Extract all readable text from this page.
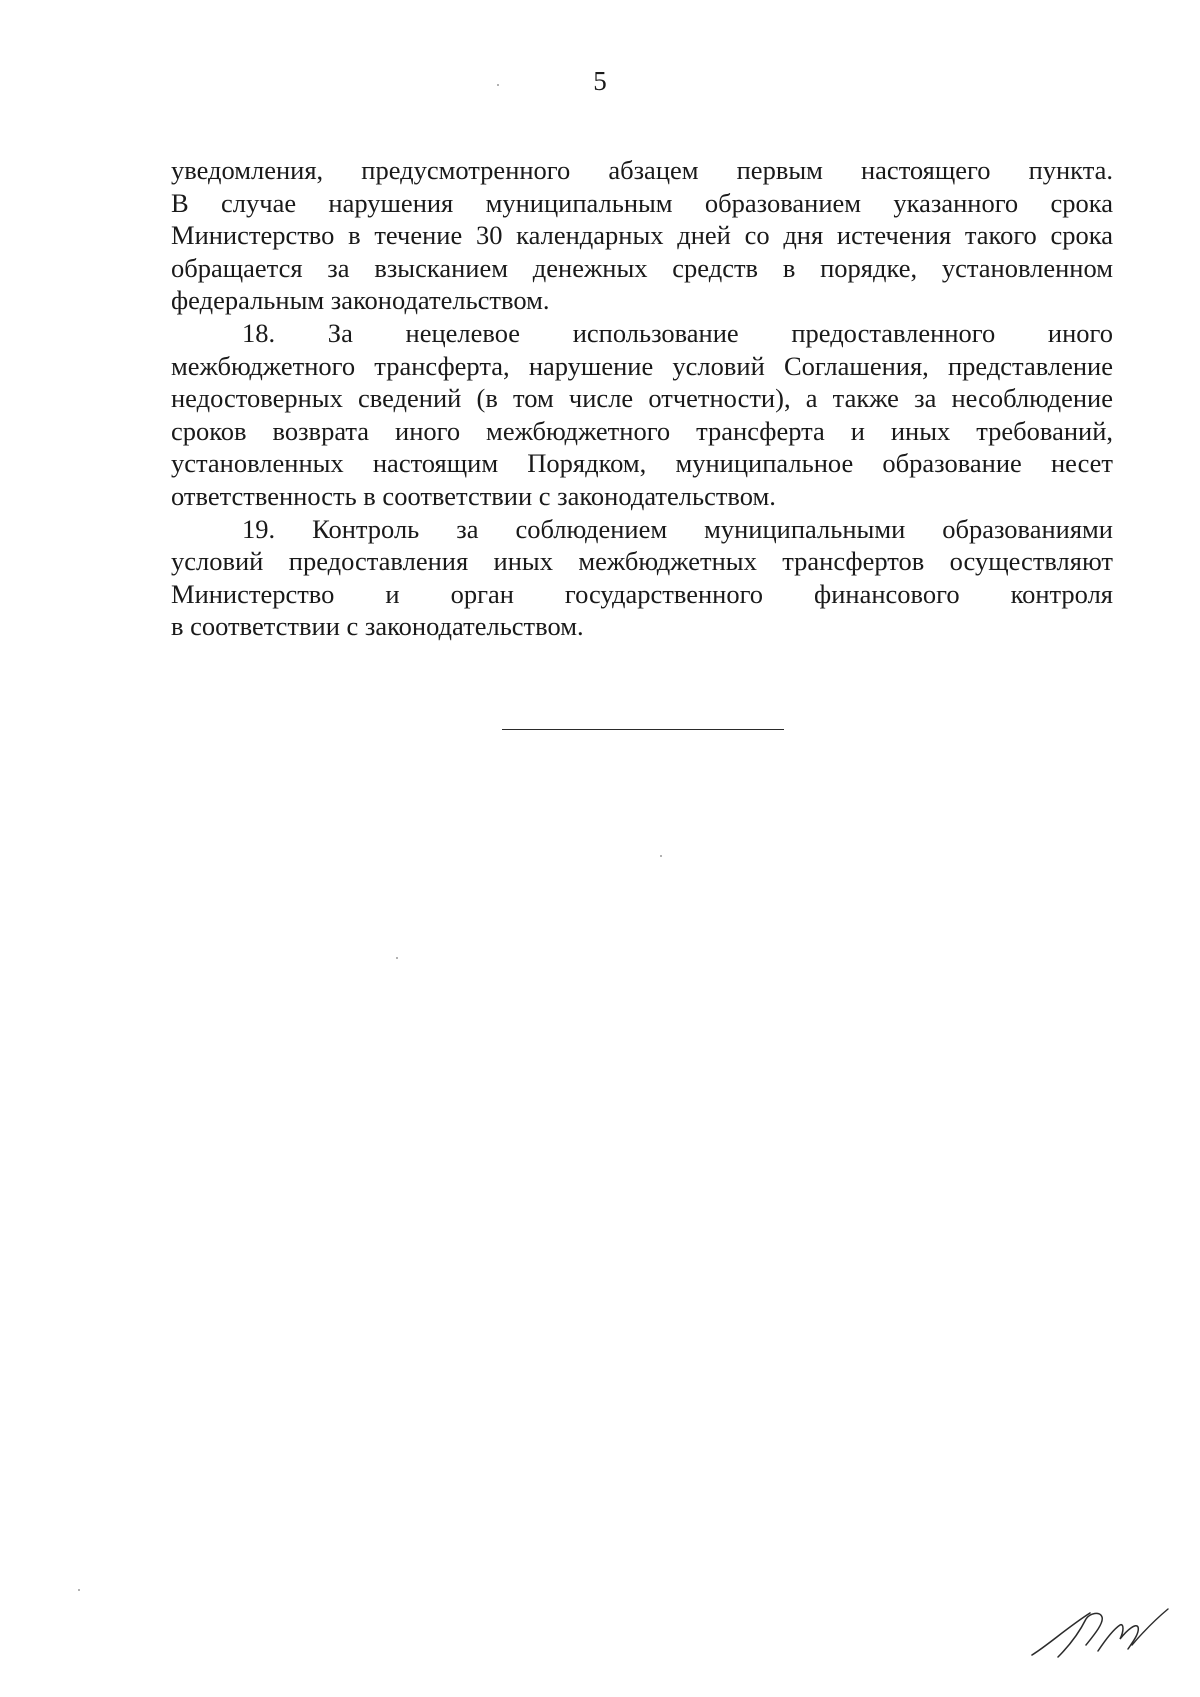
5

уведомления, предусмотренного абзацем первым настоящего пункта.
В случае нарушения муниципальным образованием указанного срока
Министерство в течение 30 календарных дней со дня истечения такого срока
обращается за взысканием денежных средств в порядке, установленном
федеральным законодательством.

18. За нецелевое использование предоставленного иного
межбюджетного трансферта, нарушение условий Соглашения, представление
недостоверных сведений (в том числе отчетности), а также за несоблюдение
сроков возврата иного межбюджетного трансферта и иных требований,
установленных настоящим Порядком, муниципальное образование несет
ответственность в соответствии с законодательством.

19. Контроль за соблюдением муниципальными образованиями
условий предоставления иных межбюджетных трансфертов осуществляют
Министерство и орган государственного финансового контроля
в соответствии с законодательством.
